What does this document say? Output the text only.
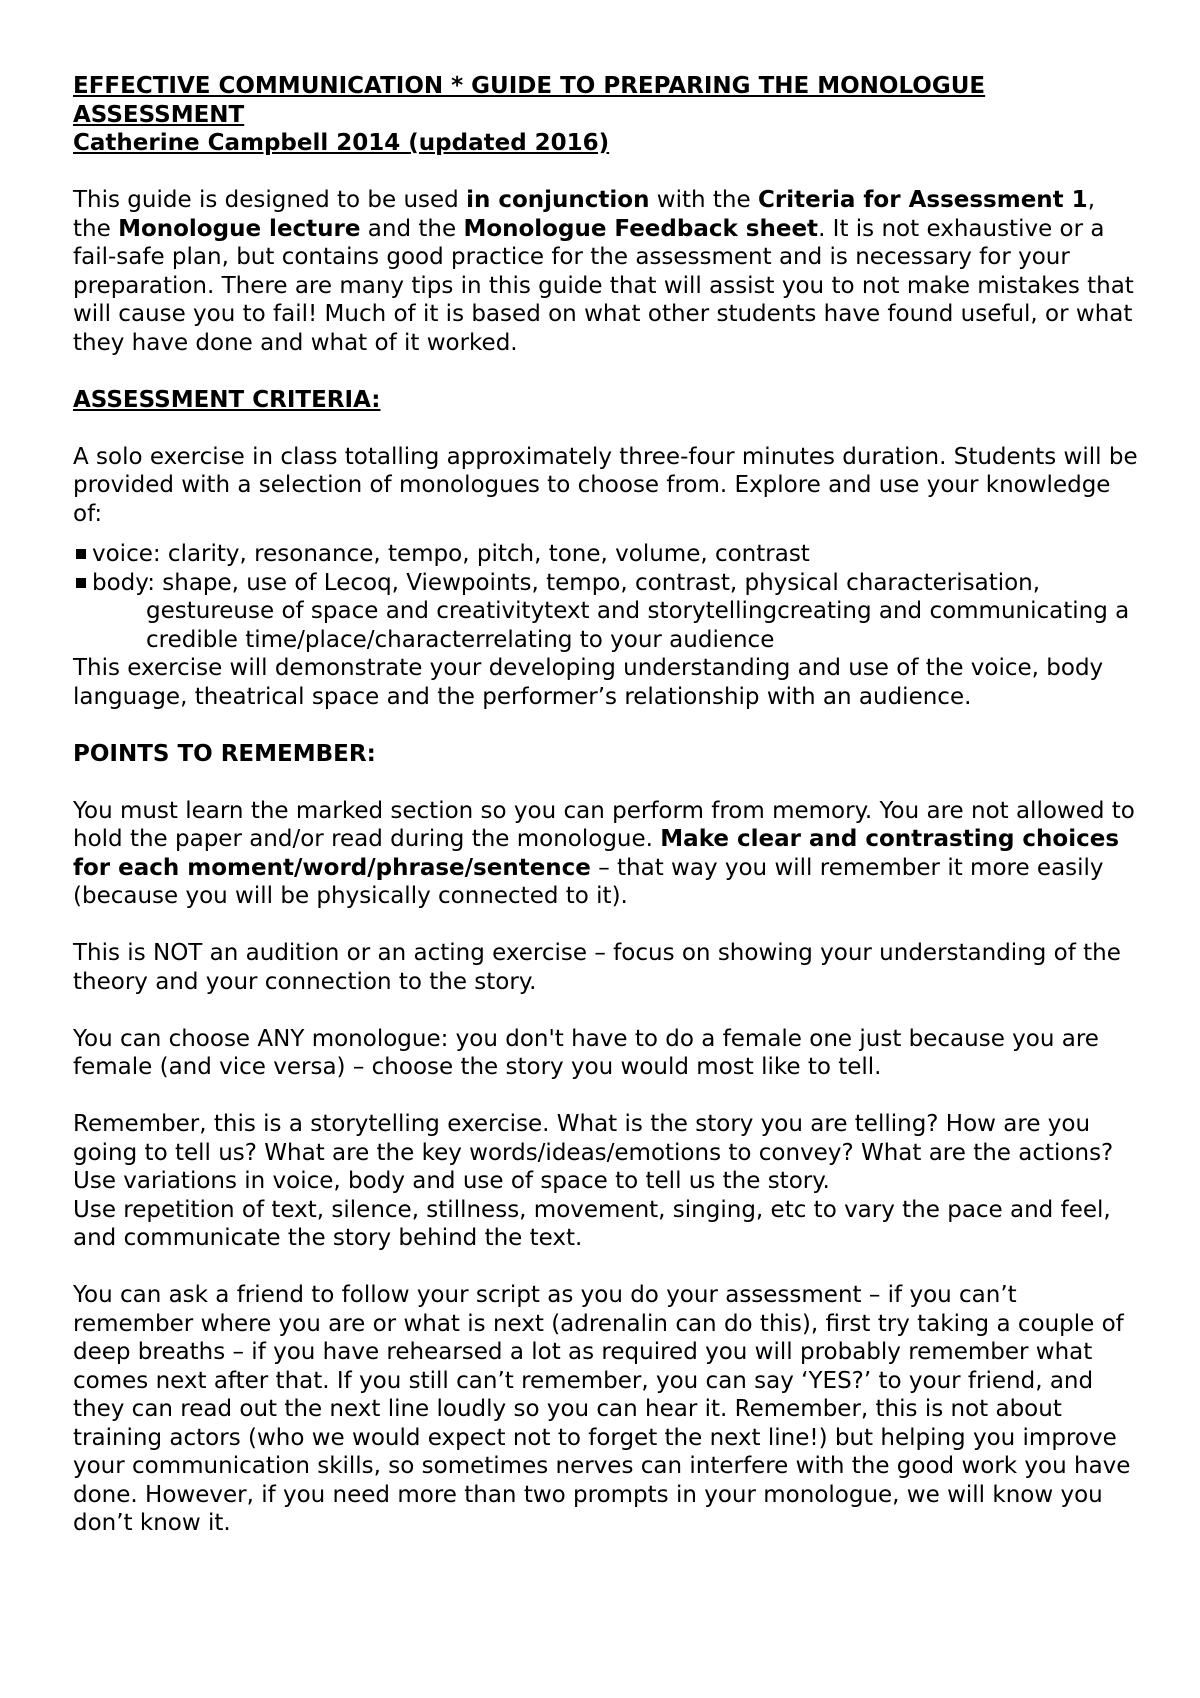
EFFECTIVE COMMUNICATION * GUIDE TO PREPARING THE MONOLOGUE
ASSESSMENT

Catherine Campbell 2014 (updated 2016)

This guide is designed to be used in conjunction with the Criteria for Assessment 1, the Monologue lecture and the Monologue Feedback sheet. It is not exhaustive or a fail-safe plan, but contains good practice for the assessment and is necessary for your preparation. There are many tips in this guide that will assist you to not make mistakes that will cause you to fail! Much of it is based on what other students have found useful, or what they have done and what of it worked.

ASSESSMENT CRITERIA:

A solo exercise in class totalling approximately three-four minutes duration. Students will be provided with a selection of monologues to choose from. Explore and use your knowledge of:

voice: clarity, resonance, tempo, pitch, tone, volume, contrast
body: shape, use of Lecoq, Viewpoints, tempo, contrast, physical characterisation, gestureuse of space and creativitytext and storytellingcreating and communicating a credible time/place/characterrelating to your audience

This exercise will demonstrate your developing understanding and use of the voice, body language, theatrical space and the performer’s relationship with an audience.

POINTS TO REMEMBER:

You must learn the marked section so you can perform from memory. You are not allowed to hold the paper and/or read during the monologue. Make clear and contrasting choices for each moment/word/phrase/sentence – that way you will remember it more easily (because you will be physically connected to it).

This is NOT an audition or an acting exercise – focus on showing your understanding of the theory and your connection to the story.

You can choose ANY monologue: you don't have to do a female one just because you are female (and vice versa) – choose the story you would most like to tell.

Remember, this is a storytelling exercise. What is the story you are telling? How are you going to tell us? What are the key words/ideas/emotions to convey? What are the actions?

Use variations in voice, body and use of space to tell us the story.

Use repetition of text, silence, stillness, movement, singing, etc to vary the pace and feel, and communicate the story behind the text.

You can ask a friend to follow your script as you do your assessment – if you can’t remember where you are or what is next (adrenalin can do this), first try taking a couple of deep breaths – if you have rehearsed a lot as required you will probably remember what comes next after that. If you still can’t remember, you can say ‘YES?’ to your friend, and they can read out the next line loudly so you can hear it. Remember, this is not about training actors (who we would expect not to forget the next line!) but helping you improve your communication skills, so sometimes nerves can interfere with the good work you have done. However, if you need more than two prompts in your monologue, we will know you don’t know it.
